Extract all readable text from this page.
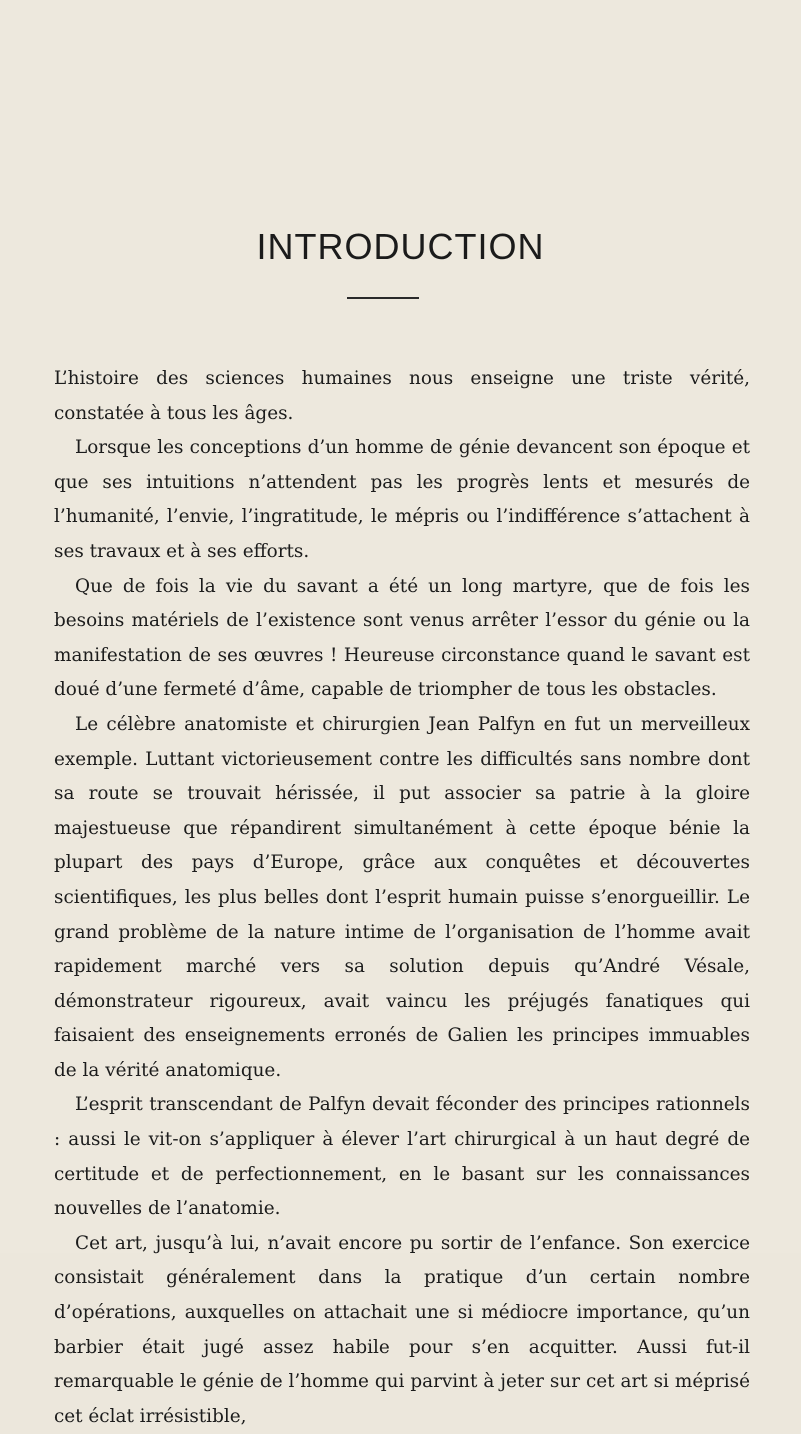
INTRODUCTION

L’histoire des sciences humaines nous enseigne une triste vérité, constatée à tous les âges.

Lorsque les conceptions d’un homme de génie devancent son époque et que ses intuitions n’attendent pas les progrès lents et mesurés de l’humanité, l’envie, l’ingratitude, le mépris ou l’indifférence s’attachent à ses travaux et à ses efforts.

Que de fois la vie du savant a été un long martyre, que de fois les besoins matériels de l’existence sont venus arrêter l’essor du génie ou la manifestation de ses œuvres ! Heureuse circonstance quand le savant est doué d’une fermeté d’âme, capable de triompher de tous les obstacles.

Le célèbre anatomiste et chirurgien Jean Palfyn en fut un merveilleux exemple. Luttant victorieusement contre les difficultés sans nombre dont sa route se trouvait hérissée, il put associer sa patrie à la gloire majestueuse que répandirent simultanément à cette époque bénie la plupart des pays d’Europe, grâce aux conquêtes et découvertes scientifiques, les plus belles dont l’esprit humain puisse s’enorgueillir. Le grand problème de la nature intime de l’organisation de l’homme avait rapidement marché vers sa solution depuis qu’André Vésale, démonstrateur rigoureux, avait vaincu les préjugés fanatiques qui faisaient des enseignements erronés de Galien les principes immuables de la vérité anatomique.

L’esprit transcendant de Palfyn devait féconder des principes rationnels : aussi le vit-on s’appliquer à élever l’art chirurgical à un haut degré de certitude et de perfectionnement, en le basant sur les connaissances nouvelles de l’anatomie.

Cet art, jusqu’à lui, n’avait encore pu sortir de l’enfance. Son exercice consistait généralement dans la pratique d’un certain nombre d’opérations, auxquelles on attachait une si médiocre importance, qu’un barbier était jugé assez habile pour s’en acquitter. Aussi fut-il remarquable le génie de l’homme qui parvint à jeter sur cet art si méprisé cet éclat irrésistible,
